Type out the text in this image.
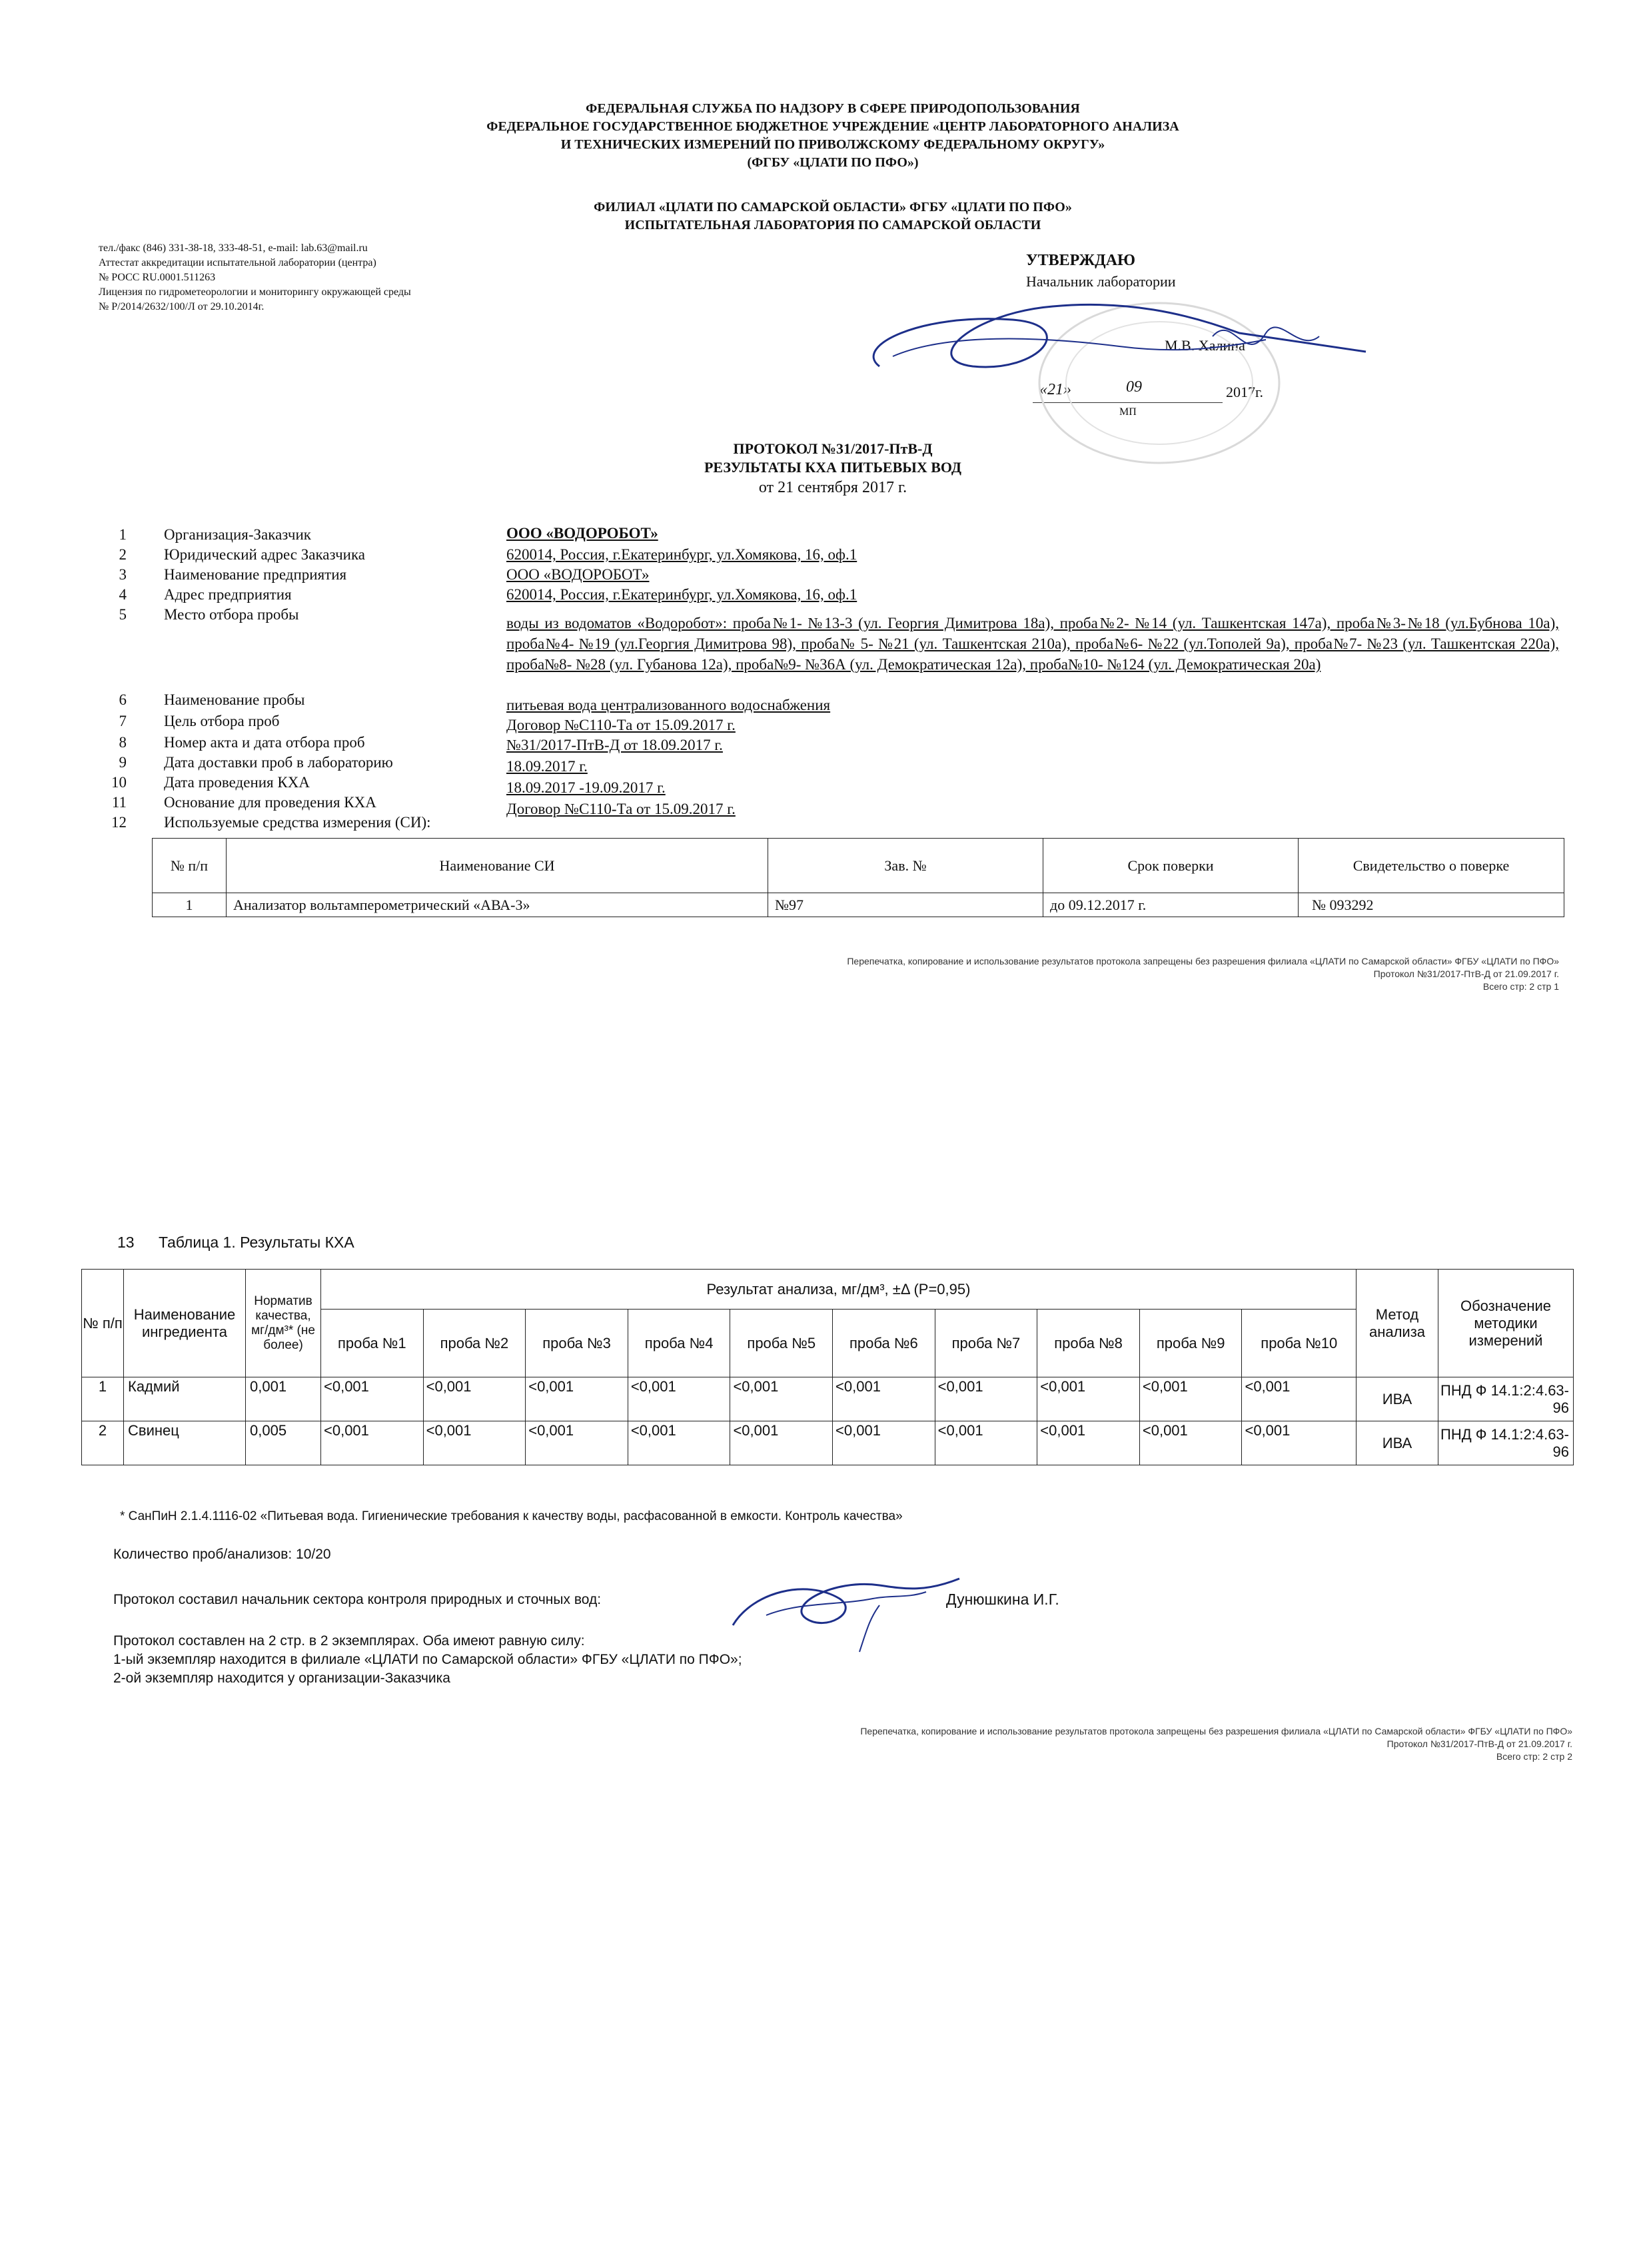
ФЕДЕРАЛЬНАЯ СЛУЖБА ПО НАДЗОРУ В СФЕРЕ ПРИРОДОПОЛЬЗОВАНИЯ
ФЕДЕРАЛЬНОЕ ГОСУДАРСТВЕННОЕ БЮДЖЕТНОЕ УЧРЕЖДЕНИЕ «ЦЕНТР ЛАБОРАТОРНОГО АНАЛИЗА
И ТЕХНИЧЕСКИХ ИЗМЕРЕНИЙ ПО ПРИВОЛЖСКОМУ ФЕДЕРАЛЬНОМУ ОКРУГУ»
(ФГБУ «ЦЛАТИ ПО ПФО»)
ФИЛИАЛ «ЦЛАТИ ПО САМАРСКОЙ ОБЛАСТИ» ФГБУ «ЦЛАТИ ПО ПФО»
ИСПЫТАТЕЛЬНАЯ ЛАБОРАТОРИЯ ПО САМАРСКОЙ ОБЛАСТИ
тел./факс (846) 331-38-18, 333-48-51, e-mail: lab.63@mail.ru
Аттестат аккредитации испытательной лаборатории (центра)
№ РОСС RU.0001.511263
Лицензия по гидрометеорологии и мониторингу окружающей среды
№ Р/2014/2632/100/Л от 29.10.2014г.
УТВЕРЖДАЮ
Начальник лаборатории
М.В. Халина
«21»	09	2017г.
МП
ПРОТОКОЛ №31/2017-ПтВ-Д
РЕЗУЛЬТАТЫ КХА ПИТЬЕВЫХ ВОД
от 21 сентября 2017 г.
1 Организация-Заказчик	ООО «ВОДОРОБОТ»
2 Юридический адрес Заказчика	620014, Россия, г.Екатеринбург, ул.Хомякова, 16, оф.1
3 Наименование предприятия	ООО «ВОДОРОБОТ»
4 Адрес предприятия	620014, Россия, г.Екатеринбург, ул.Хомякова, 16, оф.1
5 Место отбора пробы
воды из водоматов «Водоробот»: проба№1- №13-3 (ул. Георгия Димитрова 18а), проба№2- №14 (ул. Ташкентская 147а), проба№3-№18 (ул.Бубнова 10а), проба№4- №19 (ул.Георгия Димитрова 98), проба№ 5- №21 (ул. Ташкентская 210а), проба№6- №22 (ул.Тополей 9а), проба№7- №23 (ул. Ташкентская 220а), проба№8- №28 (ул. Губанова 12а), проба№9- №36А (ул. Демократическая 12а), проба№10- №124 (ул. Демократическая 20а)
6 Наименование пробы	питьевая вода централизованного водоснабжения
7 Цель отбора проб	Договор №С110-Та от 15.09.2017 г.
8 Номер акта и дата отбора проб	№31/2017-ПтВ-Д от 18.09.2017 г.
9 Дата доставки проб в лабораторию	18.09.2017 г.
10 Дата проведения КХА	18.09.2017 -19.09.2017 г.
11 Основание для проведения КХА	Договор №С110-Та от 15.09.2017 г.
12 Используемые средства измерения (СИ):
№ п/п	Наименование СИ	Зав. №	Срок поверки	Свидетельство о поверке
1	Анализатор вольтамперометрический «АВА-3»	№97	до 09.12.2017 г.	№ 093292
Перепечатка, копирование и использование результатов протокола запрещены без разрешения филиала «ЦЛАТИ по Самарской области» ФГБУ «ЦЛАТИ по ПФО»
Протокол №31/2017-ПтВ-Д от 21.09.2017 г.
Всего стр: 2 стр 1
13 Таблица 1. Результаты КХА
№ п/п	Наименование ингредиента	Норматив качества, мг/дм³* (не более)	Результат анализа, мг/дм³, ±Δ (Р=0,95)										Метод анализа	Обозначение методики измерений
			проба №1	проба №2	проба №3	проба №4	проба №5	проба №6	проба №7	проба №8	проба №9	проба №10		
1	Кадмий	0,001	<0,001	<0,001	<0,001	<0,001	<0,001	<0,001	<0,001	<0,001	<0,001	<0,001	ИВА	ПНД Ф 14.1:2:4.63-96
2	Свинец	0,005	<0,001	<0,001	<0,001	<0,001	<0,001	<0,001	<0,001	<0,001	<0,001	<0,001	ИВА	ПНД Ф 14.1:2:4.63-96
* СанПиН 2.1.4.1116-02 «Питьевая вода. Гигиенические требования к качеству воды, расфасованной в емкости. Контроль качества»
Количество проб/анализов: 10/20
Протокол составил начальник сектора контроля природных и сточных вод:	Дунюшкина И.Г.
Протокол составлен на 2 стр. в 2 экземплярах. Оба имеют равную силу:
1-ый экземпляр находится в филиале «ЦЛАТИ по Самарской области» ФГБУ «ЦЛАТИ по ПФО»;
2-ой экземпляр находится у организации-Заказчика
Перепечатка, копирование и использование результатов протокола запрещены без разрешения филиала «ЦЛАТИ по Самарской области» ФГБУ «ЦЛАТИ по ПФО»
Протокол №31/2017-ПтВ-Д от 21.09.2017 г.
Всего стр: 2 стр 2
